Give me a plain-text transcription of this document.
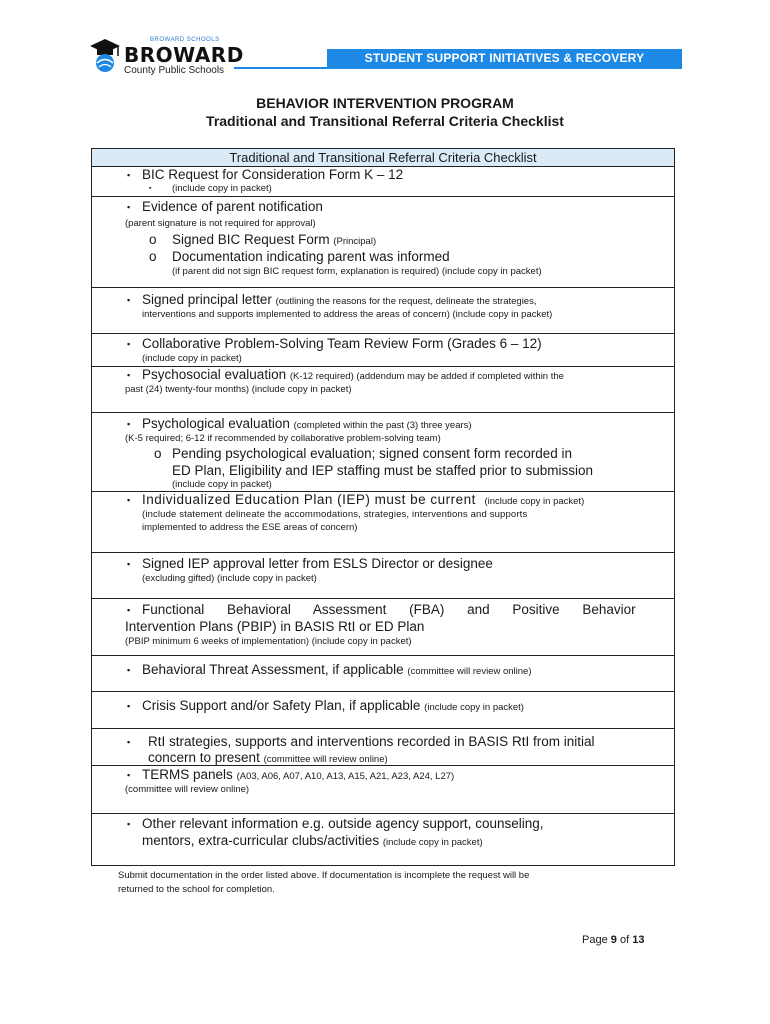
BROWARD SCHOOLS
BROWARD
County Public Schools
STUDENT SUPPORT INITIATIVES & RECOVERY
BEHAVIOR INTERVENTION PROGRAM
Traditional and Transitional Referral Criteria Checklist
Traditional and Transitional Referral Criteria Checklist
▪ BIC Request for Consideration Form K – 12
▪ (include copy in packet)
▪ Evidence of parent notification
(parent signature is not required for approval)
o Signed BIC Request Form (Principal)
o Documentation indicating parent was informed
(if parent did not sign BIC request form, explanation is required) (include copy in packet)
▪ Signed principal letter (outlining the reasons for the request, delineate the strategies,
interventions and supports implemented to address the areas of concern) (include copy in packet)
▪ Collaborative Problem-Solving Team Review Form (Grades 6 – 12)
(include copy in packet)
▪ Psychosocial evaluation (K-12 required) (addendum may be added if completed within the
past (24) twenty-four months) (include copy in packet)
▪ Psychological evaluation (completed within the past (3) three years)
(K-5 required; 6-12 if recommended by collaborative problem-solving team)
o Pending psychological evaluation; signed consent form recorded in
ED Plan, Eligibility and IEP staffing must be staffed prior to submission
(include copy in packet)
▪ Individualized Education Plan (IEP) must be current (include copy in packet)
(include statement delineate the accommodations, strategies, interventions and supports
implemented to address the ESE areas of concern)
▪ Signed IEP approval letter from ESLS Director or designee
(excluding gifted) (include copy in packet)
▪ Functional Behavioral Assessment (FBA) and Positive Behavior
Intervention Plans (PBIP) in BASIS RtI or ED Plan
(PBIP minimum 6 weeks of implementation) (include copy in packet)
▪ Behavioral Threat Assessment, if applicable (committee will review online)
▪ Crisis Support and/or Safety Plan, if applicable (include copy in packet)
▪ RtI strategies, supports and interventions recorded in BASIS RtI from initial
concern to present (committee will review online)
▪ TERMS panels (A03, A06, A07, A10, A13, A15, A21, A23, A24, L27)
(committee will review online)
▪ Other relevant information e.g. outside agency support, counseling,
mentors, extra-curricular clubs/activities (include copy in packet)
Submit documentation in the order listed above. If documentation is incomplete the request will be
returned to the school for completion.
Page 9 of 13
